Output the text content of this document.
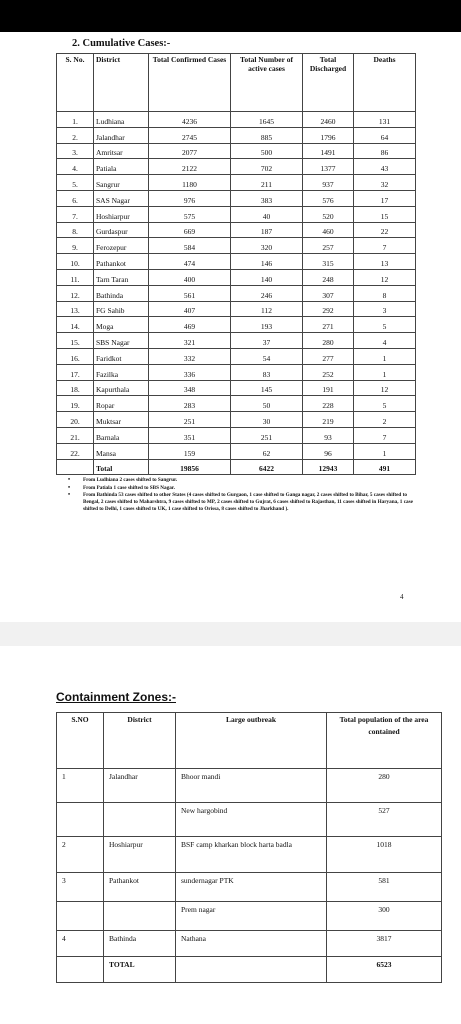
2. Cumulative Cases:-
S. No.	District	Total Confirmed Cases	Total Number of active cases	Total Discharged	Deaths
1.	Ludhiana	4236	1645	2460	131
2.	Jalandhar	2745	885	1796	64
3.	Amritsar	2077	500	1491	86
4.	Patiala	2122	702	1377	43
5.	Sangrur	1180	211	937	32
6.	SAS Nagar	976	383	576	17
7.	Hoshiarpur	575	40	520	15
8.	Gurdaspur	669	187	460	22
9.	Ferozepur	584	320	257	7
10.	Pathankot	474	146	315	13
11.	Tarn Taran	400	140	248	12
12.	Bathinda	561	246	307	8
13.	FG Sahib	407	112	292	3
14.	Moga	469	193	271	5
15.	SBS Nagar	321	37	280	4
16.	Faridkot	332	54	277	1
17.	Fazilka	336	83	252	1
18.	Kapurthala	348	145	191	12
19.	Ropar	283	50	228	5
20.	Muktsar	251	30	219	2
21.	Barnala	351	251	93	7
22.	Mansa	159	62	96	1
	Total	19856	6422	12943	491
• From Ludhiana 2 cases shifted to Sangrur.
• From Patiala 1 case shifted to SBS Nagar.
• From Bathinda 53 cases shifted to other States (4 cases shifted to Gurgaon, 1 case shifted to Ganga nagar, 2 cases shifted to Bihar, 5 cases shifted to Bengal, 2 cases shifted to Maharshtra, 9 cases shifted to MP, 2 cases shifted to Gujrat, 6 cases shifted to Rajasthan, 11 cases shifted in Haryana, 1 case shifted to Delhi, 1 cases shifted to UK, 1 case shifted to Orissa, 8 cases shifted to Jharkhand ).
4
Containment Zones:-
S.NO	District	Large outbreak	Total population of the area contained
1	Jalandhar	Bhoor mandi	280
		New hargobind	527
2	Hoshiarpur	BSF camp kharkan block harta badla	1018
3	Pathankot	sundernagar PTK	581
		Prem nagar	300
4	Bathinda	Nathana	3817
	TOTAL		6523
